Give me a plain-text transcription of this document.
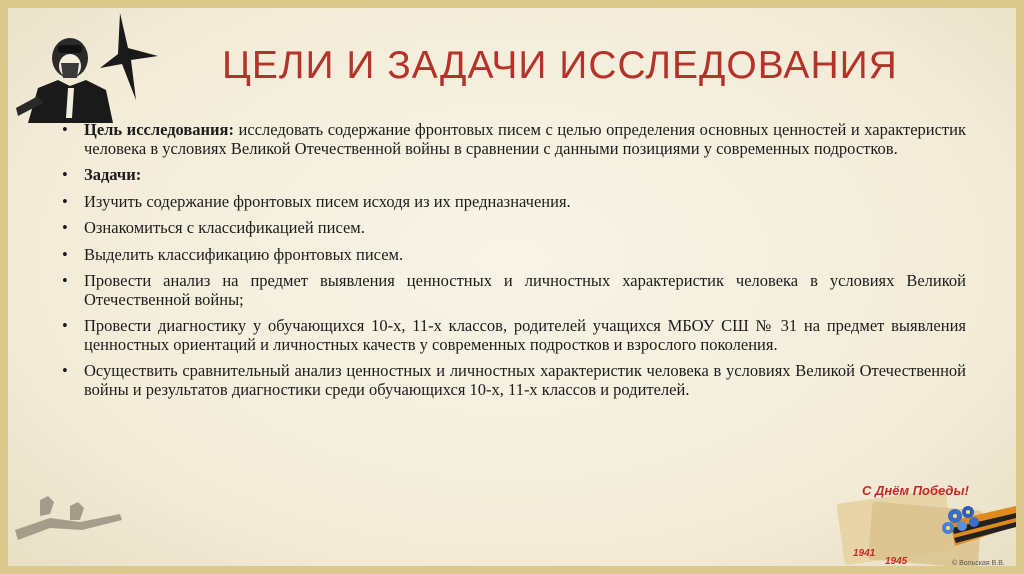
ЦЕЛИ И ЗАДАЧИ ИССЛЕДОВАНИЯ
• Цель исследования: исследовать содержание фронтовых писем с целью определения основных ценностей и характеристик человека в условиях Великой Отечественной войны в сравнении с данными позициями у современных подростков.
• Задачи:
• Изучить содержание фронтовых писем исходя из их предназначения.
• Ознакомиться с классификацией писем.
• Выделить классификацию фронтовых писем.
• Провести анализ на предмет выявления ценностных и личностных характеристик человека в условиях Великой Отечественной войны;
• Провести диагностику у обучающихся 10-х, 11-х классов, родителей учащихся МБОУ СШ № 31 на предмет выявления ценностных ориентаций и личностных качеств у современных подростков и взрослого поколения.
• Осуществить сравнительный анализ ценностных и личностных характеристик человека в условиях Великой Отечественной войны и результатов диагностики среди обучающихся 10-х, 11-х классов и родителей.
С Днём Победы!
1941
1945	© Вольская В.В.
